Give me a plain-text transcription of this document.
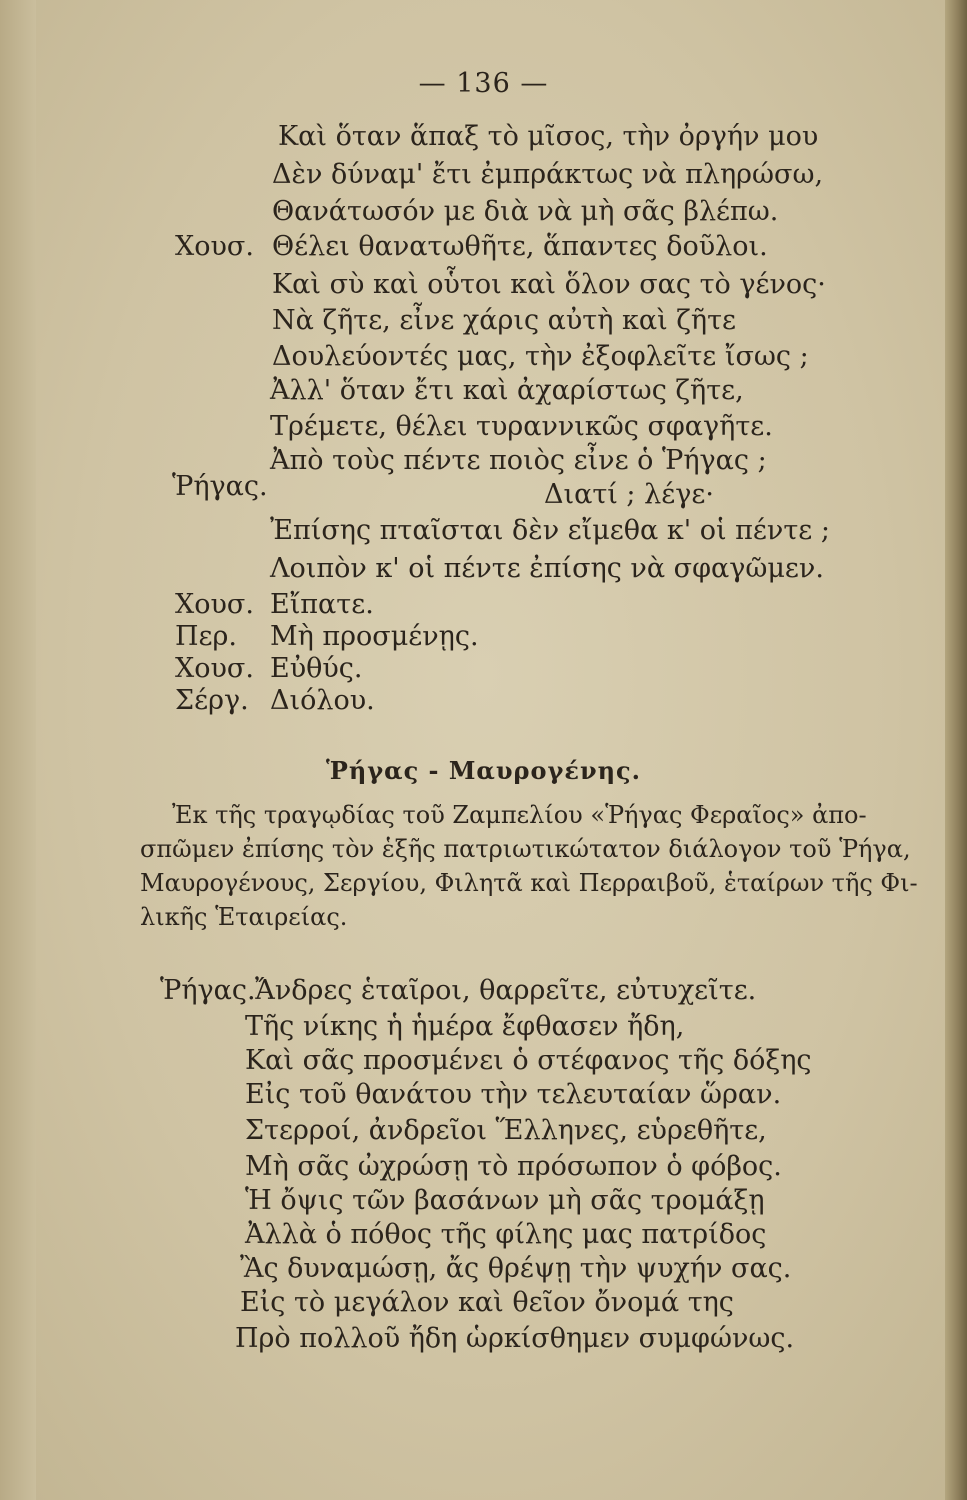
— 136 —
Χουσ.
Ῥήγας.
Χουσ.
Περ.
Χουσ.
Σέργ.
Καὶ ὅταν ἅπαξ τὸ μῖσος, τὴν ὀργήν μου
Δὲν δύναμ' ἔτι ἐμπράκτως νὰ πληρώσω,
Θανάτωσόν με διὰ νὰ μὴ σᾶς βλέπω.
Θέλει θανατωθῆτε, ἅπαντες δοῦλοι.
Καὶ σὺ καὶ οὗτοι καὶ ὅλον σας τὸ γένος·
Νὰ ζῆτε, εἶνε χάρις αὐτὴ καὶ ζῆτε
Δουλεύοντές μας, τὴν ἐξοφλεῖτε ἴσως ;
Ἀλλ' ὅταν ἔτι καὶ ἀχαρίστως ζῆτε,
Τρέμετε, θέλει τυραννικῶς σφαγῆτε.
Ἀπὸ τοὺς πέντε ποιὸς εἶνε ὁ Ῥήγας ;
Διατί ; λέγε·
Ἐπίσης πταῖσται δὲν εἴμεθα κ' οἱ πέντε ;
Λοιπὸν κ' οἱ πέντε ἐπίσης νὰ σφαγῶμεν.
Εἴπατε.
Μὴ προσμένῃς.
Εὐθύς.
Διόλου.
Ῥήγας - Μαυρογένης.
Ἐκ τῆς τραγῳδίας τοῦ Ζαμπελίου «Ῥήγας Φεραῖος» ἀπο-
σπῶμεν ἐπίσης τὸν ἑξῆς πατριωτικώτατον διάλογον τοῦ Ῥήγα,
Μαυρογένους, Σεργίου, Φιλητᾶ καὶ Περραιβοῦ, ἑταίρων τῆς Φι-
λικῆς Ἑταιρείας.
Ῥήγας. Ἄνδρες ἑταῖροι, θαρρεῖτε, εὐτυχεῖτε.
Τῆς νίκης ἡ ἡμέρα ἔφθασεν ἤδη,
Καὶ σᾶς προσμένει ὁ στέφανος τῆς δόξης
Εἰς τοῦ θανάτου τὴν τελευταίαν ὥραν.
Στερροί, ἀνδρεῖοι Ἕλληνες, εὑρεθῆτε,
Μὴ σᾶς ὠχρώσῃ τὸ πρόσωπον ὁ φόβος.
Ἡ ὄψις τῶν βασάνων μὴ σᾶς τρομάξῃ
Ἀλλὰ ὁ πόθος τῆς φίλης μας πατρίδος
Ἂς δυναμώσῃ, ἄς θρέψῃ τὴν ψυχήν σας.
Εἰς τὸ μεγάλον καὶ θεῖον ὄνομά της
Πρὸ πολλοῦ ἤδη ὡρκίσθημεν συμφώνως.
